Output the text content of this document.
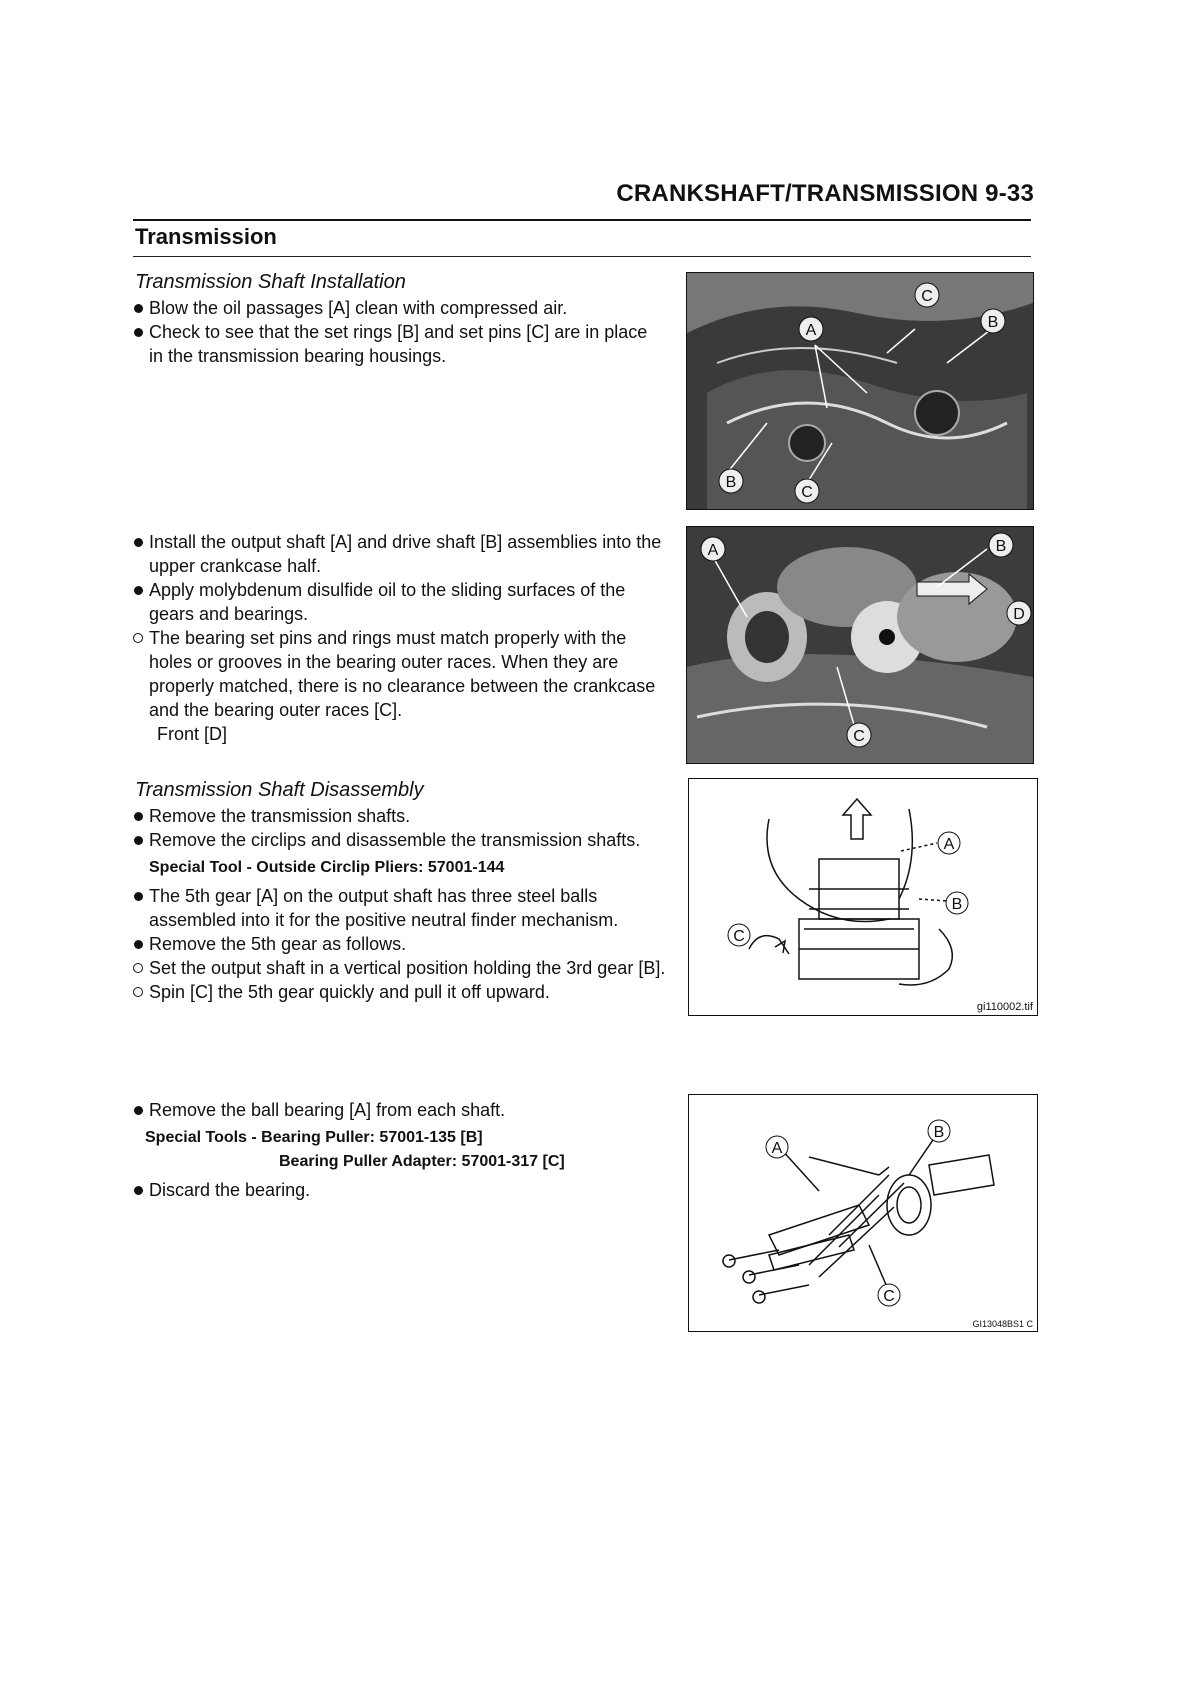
CRANKSHAFT/TRANSMISSION 9-33
Transmission

Transmission Shaft Installation

Blow the oil passages [A] clean with compressed air.

Check to see that the set rings [B] and set pins [C] are in place in the transmission bearing housings.

Install the output shaft [A] and drive shaft [B] assemblies into the upper crankcase half.

Apply molybdenum disulfide oil to the sliding surfaces of the gears and bearings.

The bearing set pins and rings must match properly with the holes or grooves in the bearing outer races. When they are properly matched, there is no clearance between the crankcase and the bearing outer races [C].

Front [D]

Transmission Shaft Disassembly

Remove the transmission shafts.

Remove the circlips and disassemble the transmission shafts.

Special Tool - Outside Circlip Pliers: 57001-144

The 5th gear [A] on the output shaft has three steel balls assembled into it for the positive neutral finder mechanism.

Remove the 5th gear as follows.

Set the output shaft in a vertical position holding the 3rd gear [B].

Spin [C] the 5th gear quickly and pull it off upward.

Remove the ball bearing [A] from each shaft.

Special Tools - Bearing Puller: 57001-135 [B]
Bearing Puller Adapter: 57001-317 [C]

Discard the bearing.

C
A	B
B
C
A	B
D
C
A
B
C
gi110002.tif
A
B
C
GI13048BS1 C
